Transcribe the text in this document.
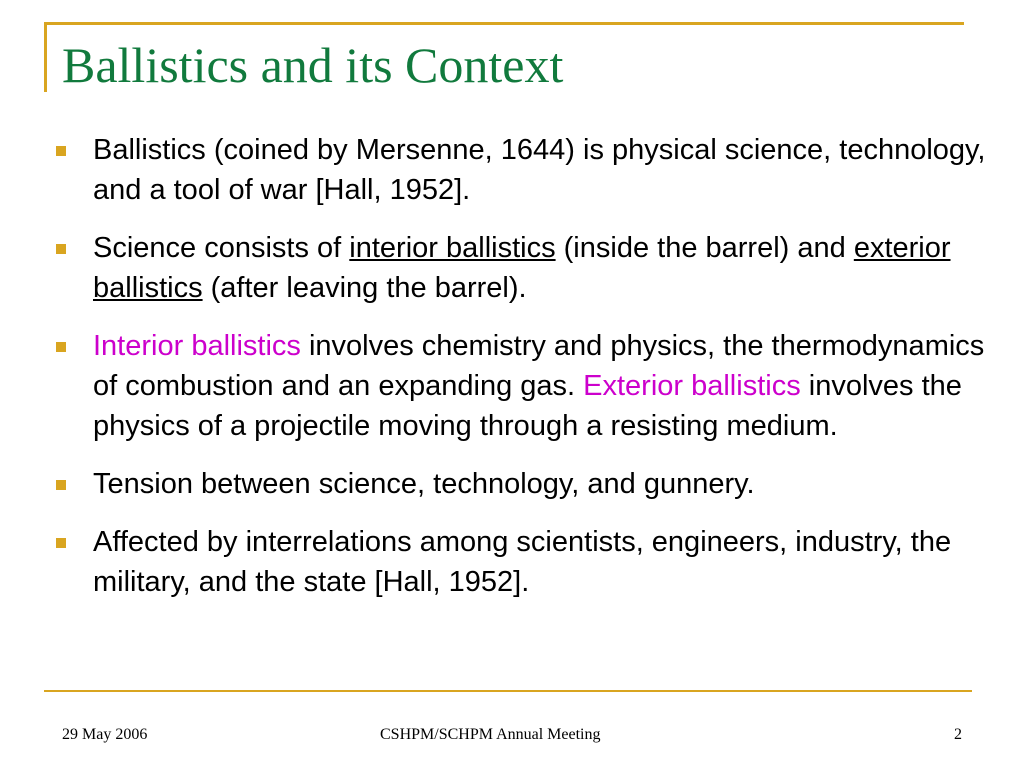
Ballistics and its Context
Ballistics (coined by Mersenne, 1644) is physical science, technology, and a tool of war [Hall, 1952].
Science consists of interior ballistics (inside the barrel) and exterior ballistics (after leaving the barrel).
Interior ballistics involves chemistry and physics, the thermodynamics of combustion and an expanding gas. Exterior ballistics involves the physics of a projectile moving through a resisting medium.
Tension between science, technology, and gunnery.
Affected by interrelations among scientists, engineers, industry, the military, and the state [Hall, 1952].
29 May 2006	CSHPM/SCHPM Annual Meeting	2
